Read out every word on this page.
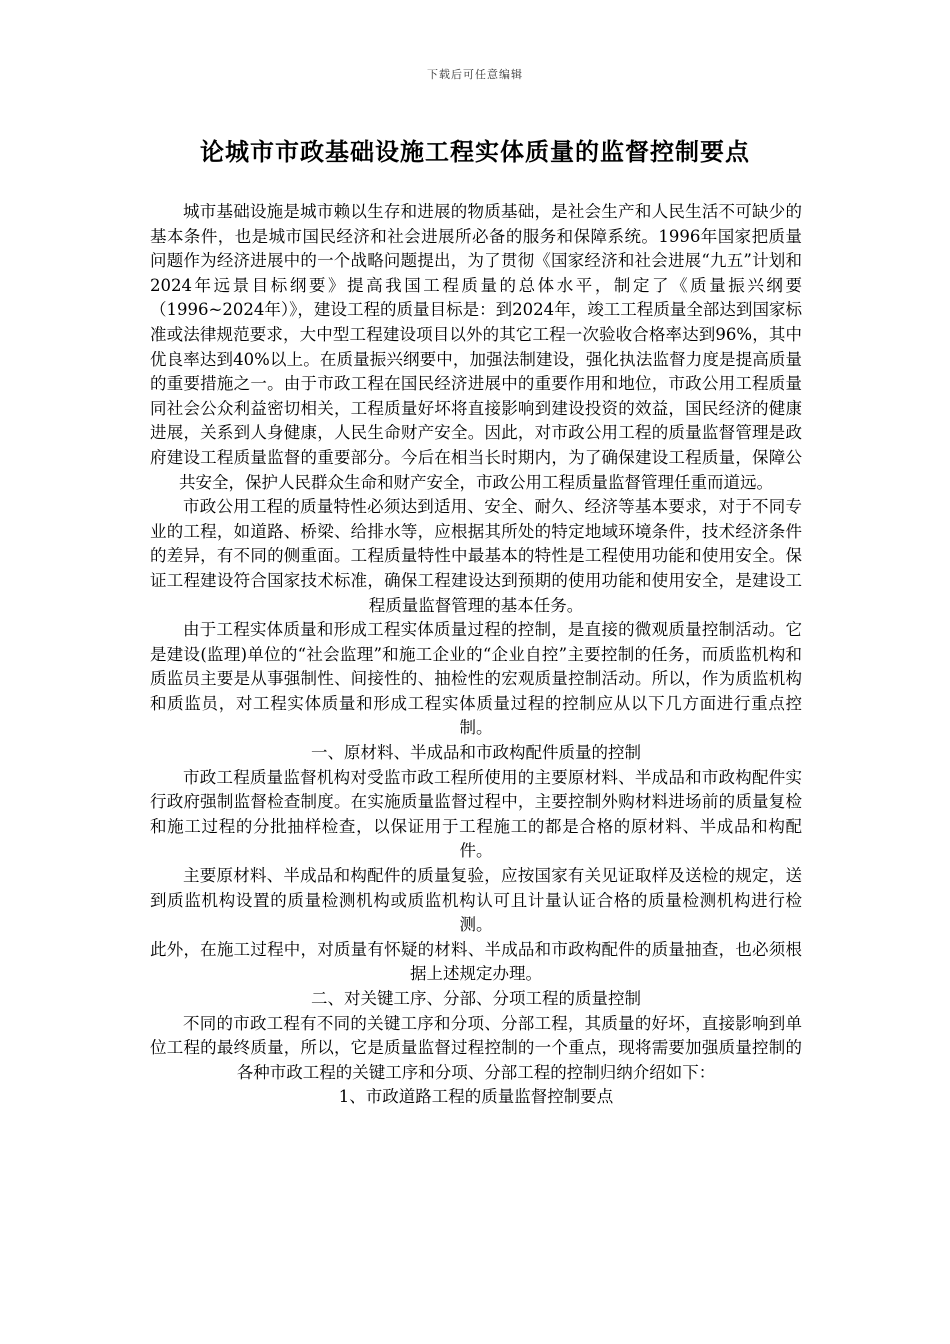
下载后可任意编辑
论城市市政基础设施工程实体质量的监督控制要点

城市基础设施是城市赖以生存和进展的物质基础，是社会生产和人民生活不可缺少的基本条件，也是城市国民经济和社会进展所必备的服务和保障系统。1996年国家把质量问题作为经济进展中的一个战略问题提出，为了贯彻《国家经济和社会进展“九五”计划和2024年远景目标纲要》提高我国工程质量的总体水平，制定了《质量振兴纲要（1996~2024年）》，建设工程的质量目标是：到2024年，竣工工程质量全部达到国家标准或法律规范要求，大中型工程建设项目以外的其它工程一次验收合格率达到96%，其中优良率达到40%以上。在质量振兴纲要中，加强法制建设，强化执法监督力度是提高质量的重要措施之一。由于市政工程在国民经济进展中的重要作用和地位，市政公用工程质量同社会公众利益密切相关，工程质量好坏将直接影响到建设投资的效益，国民经济的健康进展，关系到人身健康，人民生命财产安全。因此，对市政公用工程的质量监督管理是政府建设工程质量监督的重要部分。今后在相当长时期内，为了确保建设工程质量，保障公共安全，保护人民群众生命和财产安全，市政公用工程质量监督管理任重而道远。

市政公用工程的质量特性必须达到适用、安全、耐久、经济等基本要求，对于不同专业的工程，如道路、桥梁、给排水等，应根据其所处的特定地域环境条件，技术经济条件的差异，有不同的侧重面。工程质量特性中最基本的特性是工程使用功能和使用安全。保证工程建设符合国家技术标准，确保工程建设达到预期的使用功能和使用安全，是建设工程质量监督管理的基本任务。

由于工程实体质量和形成工程实体质量过程的控制，是直接的微观质量控制活动。它是建设(监理)单位的“社会监理”和施工企业的“企业自控”主要控制的任务，而质监机构和质监员主要是从事强制性、间接性的、抽检性的宏观质量控制活动。所以，作为质监机构和质监员，对工程实体质量和形成工程实体质量过程的控制应从以下几方面进行重点控制。

一、原材料、半成品和市政构配件质量的控制

市政工程质量监督机构对受监市政工程所使用的主要原材料、半成品和市政构配件实行政府强制监督检查制度。在实施质量监督过程中，主要控制外购材料进场前的质量复检和施工过程的分批抽样检查，以保证用于工程施工的都是合格的原材料、半成品和构配件。

主要原材料、半成品和构配件的质量复验，应按国家有关见证取样及送检的规定，送到质监机构设置的质量检测机构或质监机构认可且计量认证合格的质量检测机构进行检测。

此外，在施工过程中，对质量有怀疑的材料、半成品和市政构配件的质量抽查，也必须根据上述规定办理。

二、对关键工序、分部、分项工程的质量控制

不同的市政工程有不同的关键工序和分项、分部工程，其质量的好坏，直接影响到单位工程的最终质量，所以，它是质量监督过程控制的一个重点，现将需要加强质量控制的各种市政工程的关键工序和分项、分部工程的控制归纳介绍如下：

1、市政道路工程的质量监督控制要点
